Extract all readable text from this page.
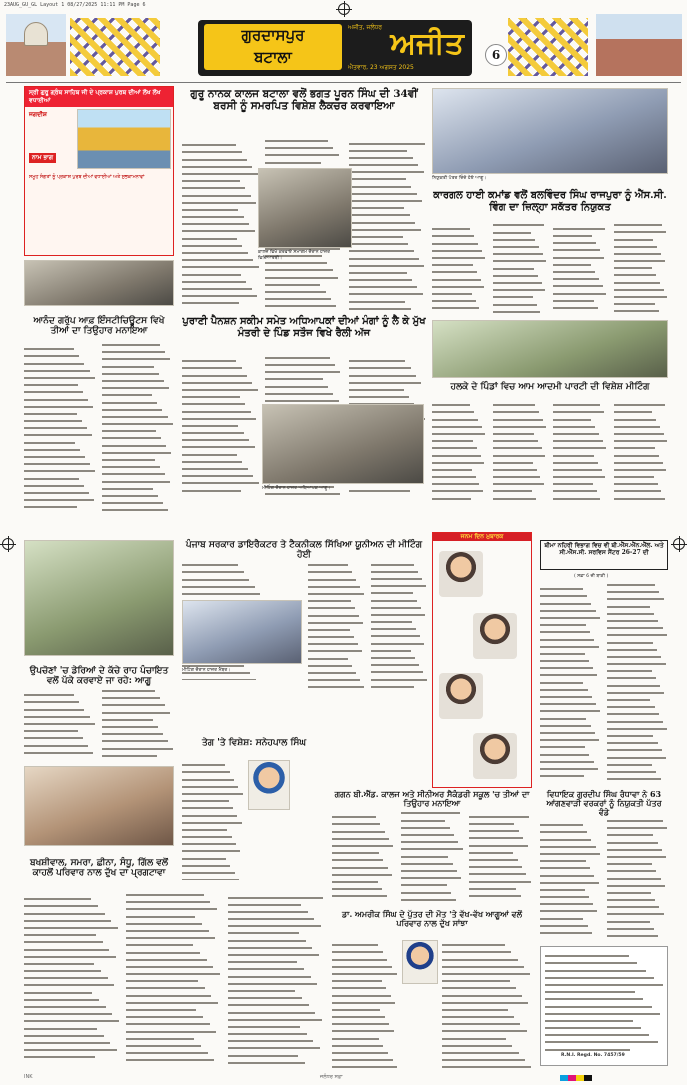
23AUG_GU_GL Layout 1 08/27/2025 11:11 PM Page 6
ਗੁਰਦਾਸਪੁਰ
ਬਟਾਲਾ	ਅਜੀਤ
ਅਜੀਤ, ਜਲੰਧਰ
ਐਤਵਾਰ, 23 ਅਗਸਤ 2025
6
ਸ੍ਰੀ ਗੁਰੂ ਗ੍ਰੰਥ ਸਾਹਿਬ ਜੀ ਦੇ ਪ੍ਰਕਾਸ਼ ਪੁਰਬ ਦੀਆਂ ਲੱਖ ਲੱਖ ਵਧਾਈਆਂ
ਜਗਦੀਸ਼
ਨਾਮ ਭਾਗ
ਸਮੂਹ ਸੰਗਤਾਂ ਨੂੰ ਪ੍ਰਕਾਸ਼ ਪੁਰਬ ਦੀਆਂ ਵਧਾਈਆਂ ਅਤੇ ਸੁਭਕਾਮਨਾਵਾਂ
ਆਨੰਦ ਗਰੁੱਪ ਆਫ਼ ਇੰਸਟੀਚਿਊਟਸ ਵਿਖੇ ਤੀਆਂ ਦਾ ਤਿਉਹਾਰ ਮਨਾਇਆ
ਉਪਚੋਣਾਂ 'ਚ ਡੇਰਿਆਂ ਦੇ ਕੱਚੇ ਰਾਹ ਪੰਚਾਇਤ ਵਲੋਂ ਪੱਕੇ ਕਰਵਾਏ ਜਾ ਰਹੇ: ਆਗੂ
ਬਖਸ਼ੀਵਾਲ, ਸਮਰਾ, ਛੀਨਾ, ਸੰਧੂ, ਗਿੱਲ ਵਲੋਂ ਕਾਹਲੋਂ ਪਰਿਵਾਰ ਨਾਲ ਦੁੱਖ ਦਾ ਪ੍ਰਗਟਾਵਾ
ਗੁਰੂ ਨਾਨਕ ਕਾਲਜ ਬਟਾਲਾ ਵਲੋਂ ਭਗਤ ਪੂਰਨ ਸਿੰਘ ਦੀ 34ਵੀਂ ਬਰਸੀ ਨੂੰ ਸਮਰਪਿਤ ਵਿਸ਼ੇਸ਼ ਲੈਕਚਰ ਕਰਵਾਇਆ
ਕਾਲਜ ਵਿਖੇ ਕਰਵਾਏ ਸਮਾਗਮ ਦੌਰਾਨ ਹਾਜ਼ਰ ਵਿਦਿਆਰਥੀ।
ਨਿਯੁਕਤੀ ਪੱਤਰ ਦਿੰਦੇ ਹੋਏ ਆਗੂ।
ਕਾਰਗਲ ਹਾਈ ਕਮਾਂਡ ਵਲੋਂ ਬਲਵਿੰਦਰ ਸਿੰਘ ਰਾਜਪੁਰਾ ਨੂੰ ਐੱਸ.ਸੀ. ਵਿੰਗ ਦਾ ਜ਼ਿਲ੍ਹਾ ਸਕੱਤਰ ਨਿਯੁਕਤ
ਪੁਰਾਣੀ ਪੈਨਸ਼ਨ ਸਕੀਮ ਸਮੇਤ ਅਧਿਆਪਕਾਂ ਦੀਆਂ ਮੰਗਾਂ ਨੂੰ ਲੈ ਕੇ ਮੁੱਖ ਮੰਤਰੀ ਦੇ ਪਿੰਡ ਸਤੌਜ ਵਿਖੇ ਰੈਲੀ ਅੱਜ
ਮੀਟਿੰਗ ਦੌਰਾਨ ਹਾਜ਼ਰ ਅਧਿਆਪਕ ਆਗੂ।
ਹਲਕੇ ਦੇ ਪਿੰਡਾਂ ਵਿਚ ਆਮ ਆਦਮੀ ਪਾਰਟੀ ਦੀ ਵਿਸ਼ੇਸ਼ ਮੀਟਿੰਗ
ਪੰਜਾਬ ਸਰਕਾਰ ਡਾਇਰੈਕਟਰ ਤੇ ਟੈਕਨੀਕਲ ਸਿੱਖਿਆ ਯੂਨੀਅਨ ਦੀ ਮੀਟਿੰਗ ਹੋਈ
ਮੀਟਿੰਗ ਦੌਰਾਨ ਹਾਜ਼ਰ ਮੈਂਬਰ।
ਜਨਮ ਦਿਨ ਮੁਬਾਰਕ
ਬੀਮਾ ਨਹਿਰੀ ਵਿਭਾਗ ਵਿਚ ਵੀ ਬੀ.ਐੱਸ.ਐੱਨ.ਐੱਲ. ਅਤੇ ਸੀ.ਐੱਸ.ਸੀ. ਸਰਵਿਸ ਸੈਂਟਰ 26-27 ਦੀ
( ਸਫ਼ਾ 6 ਦੀ ਬਾਕੀ )
ਤੇਗ 'ਤੇ ਵਿਸ਼ੇਸ਼: ਸਨੇਹਪਾਲ ਸਿੰਘ
ਗਗਨ ਬੀ.ਐੱਡ. ਕਾਲਜ ਅਤੇ ਸੀਨੀਅਰ ਸੈਕੰਡਰੀ ਸਕੂਲ 'ਚ ਤੀਆਂ ਦਾ ਤਿਉਹਾਰ ਮਨਾਇਆ
ਡਾ. ਅਮਰੀਕ ਸਿੰਘ ਦੇ ਪੁੱਤਰ ਦੀ ਮੌਤ 'ਤੇ ਵੱਖ-ਵੱਖ ਆਗੂਆਂ ਵਲੋਂ ਪਰਿਵਾਰ ਨਾਲ ਦੁੱਖ ਸਾਂਝਾ
ਵਿਧਾਇਕ ਗੁਰਦੀਪ ਸਿੰਘ ਰੰਧਾਵਾ ਨੇ 63 ਆਂਗਣਵਾੜੀ ਵਰਕਰਾਂ ਨੂੰ ਨਿਯੁਕਤੀ ਪੱਤਰ ਵੰਡੇ
R.N.I. Regd. No. 7457/59
INK	ਜਲੰਧਰ ਸਫ਼ਾ
